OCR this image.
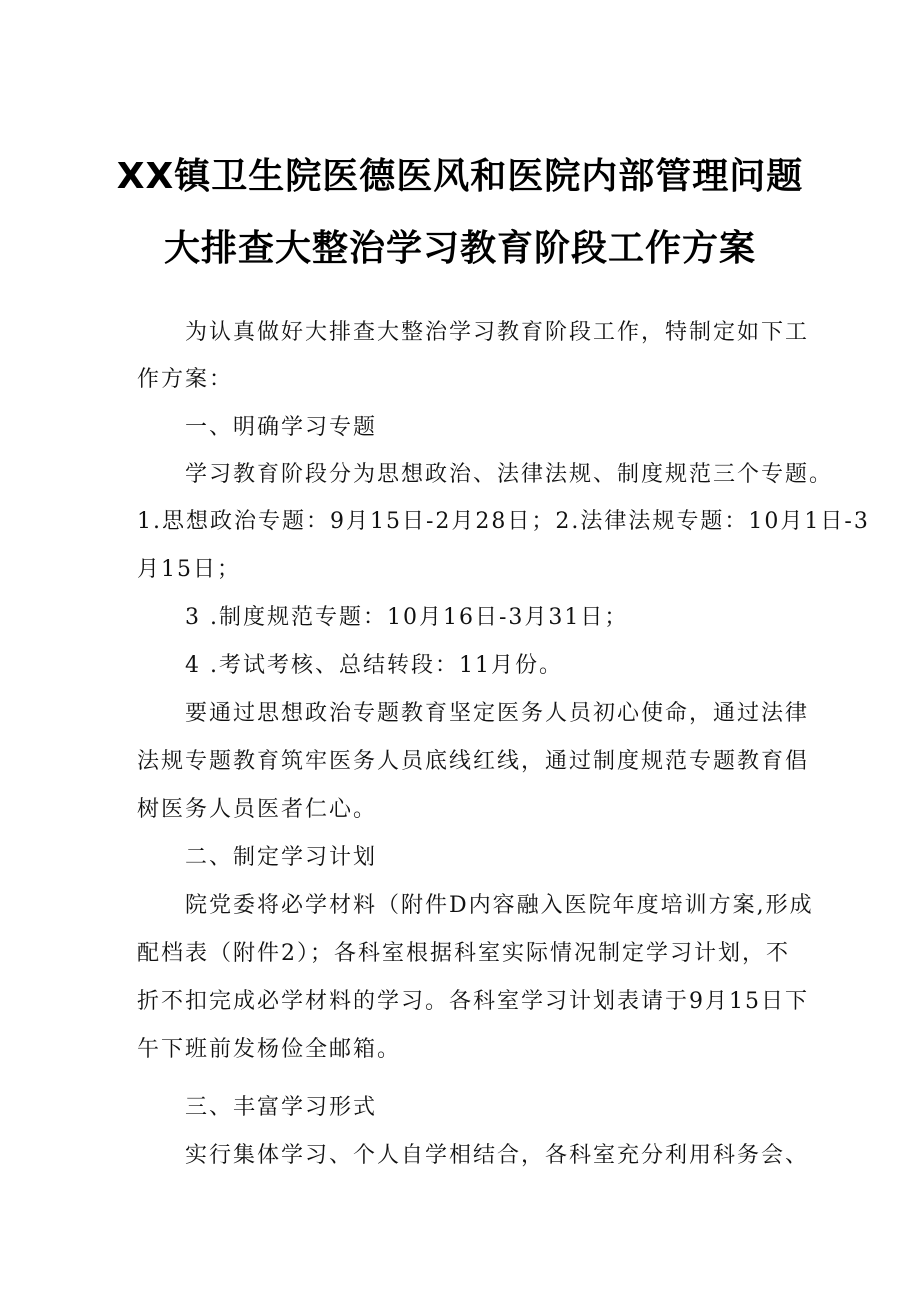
XX镇卫生院医德医风和医院内部管理问题
大排查大整治学习教育阶段工作方案
为认真做好大排查大整治学习教育阶段工作，特制定如下工
作方案：
一、明确学习专题
学习教育阶段分为思想政治、法律法规、制度规范三个专题。
1.思想政治专题：9月15日-2月28日；2.法律法规专题：10月1日-3
月15日；
3 .制度规范专题：10月16日-3月31日；
4 .考试考核、总结转段：11月份。
要通过思想政治专题教育坚定医务人员初心使命，通过法律
法规专题教育筑牢医务人员底线红线，通过制度规范专题教育倡
树医务人员医者仁心。
二、制定学习计划
院党委将必学材料（附件D内容融入医院年度培训方案,形成
配档表（附件2）；各科室根据科室实际情况制定学习计划，不
折不扣完成必学材料的学习。各科室学习计划表请于9月15日下
午下班前发杨俭全邮箱。
三、丰富学习形式
实行集体学习、个人自学相结合，各科室充分利用科务会、
